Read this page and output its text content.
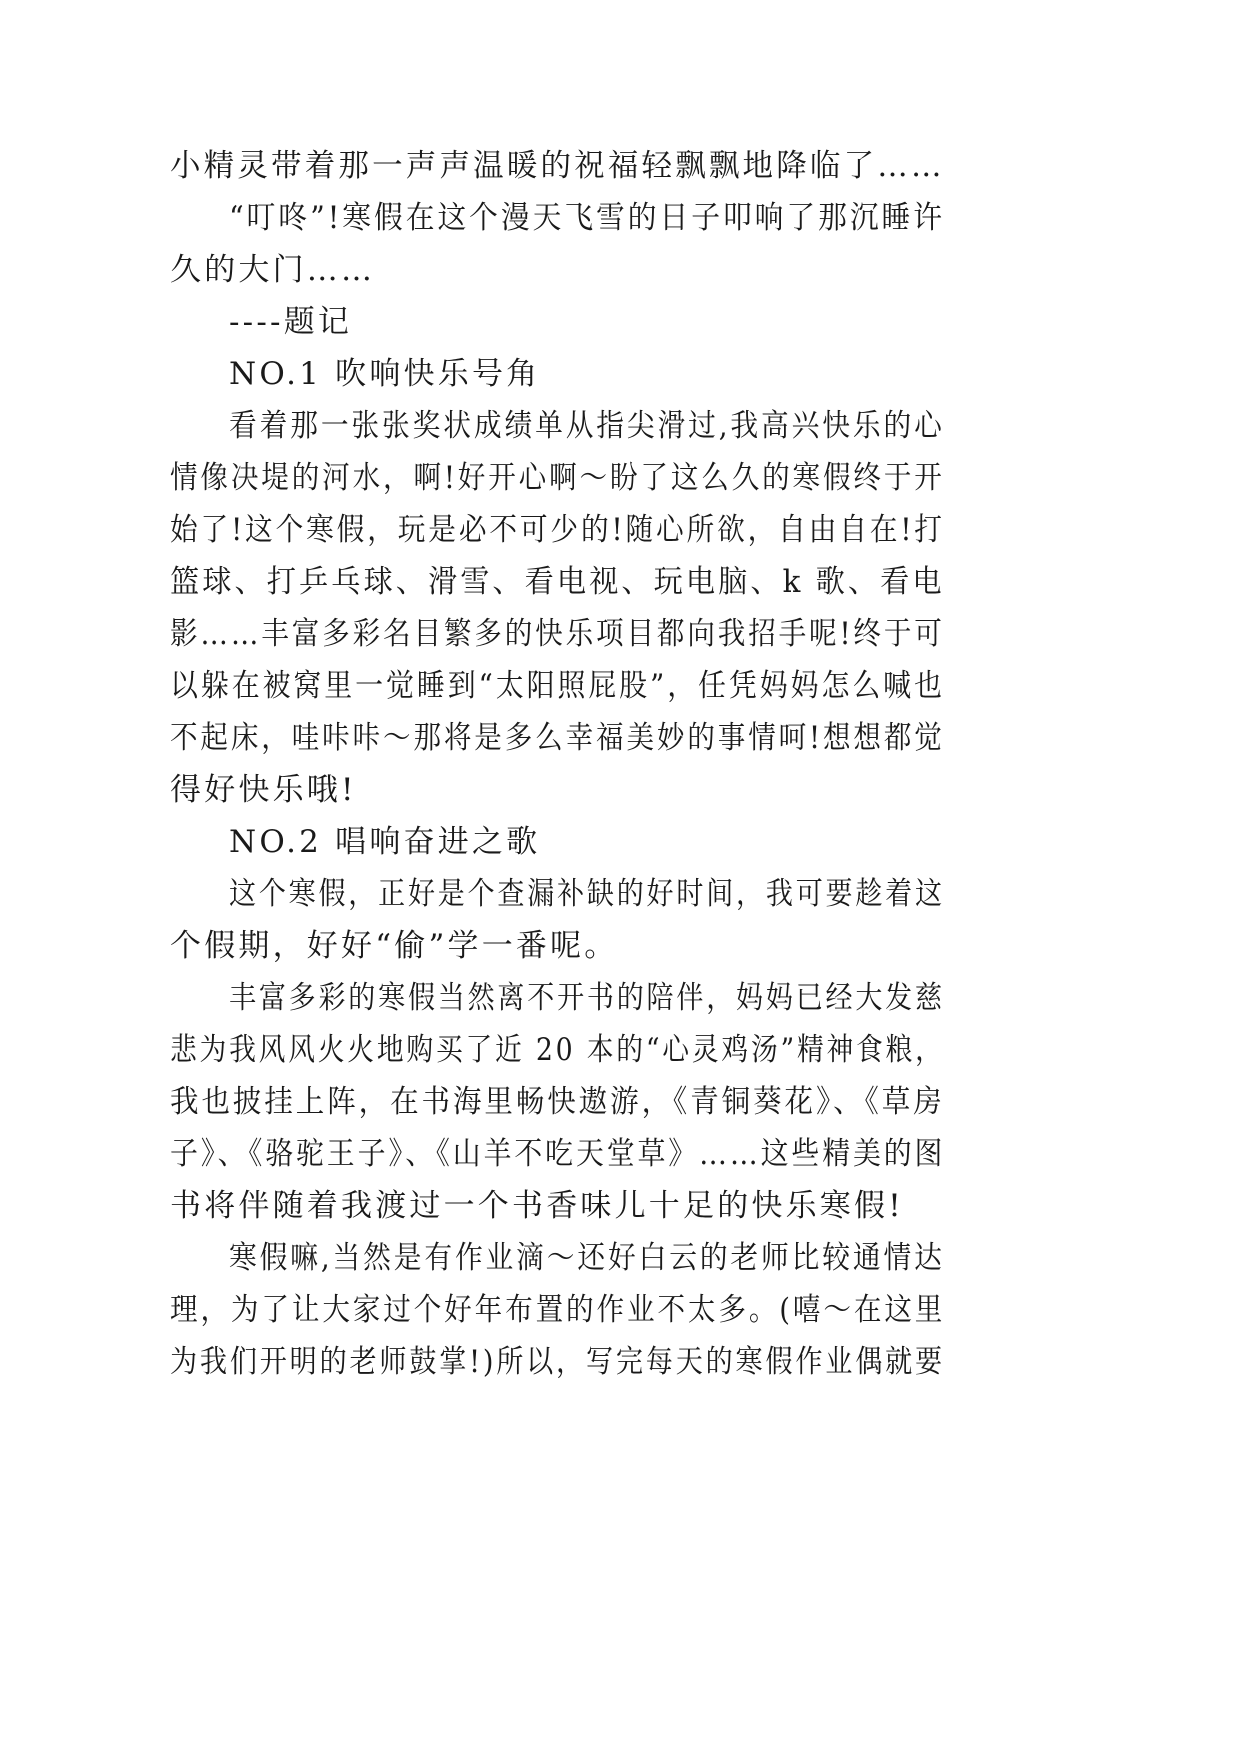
小精灵带着那一声声温暖的祝福轻飘飘地降临了……
“叮咚”!寒假在这个漫天飞雪的日子叩响了那沉睡许
久的大门……
----题记
NO.1 吹响快乐号角
看着那一张张奖状成绩单从指尖滑过,我高兴快乐的心
情像决堤的河水，啊!好开心啊～盼了这么久的寒假终于开
始了!这个寒假，玩是必不可少的!随心所欲，自由自在!打
篮球、打乒乓球、滑雪、看电视、玩电脑、k 歌、看电
影……丰富多彩名目繁多的快乐项目都向我招手呢!终于可
以躲在被窝里一觉睡到“太阳照屁股”，任凭妈妈怎么喊也
不起床，哇咔咔～那将是多么幸福美妙的事情呵!想想都觉
得好快乐哦!
NO.2 唱响奋进之歌
这个寒假，正好是个查漏补缺的好时间，我可要趁着这
个假期，好好“偷”学一番呢。
丰富多彩的寒假当然离不开书的陪伴，妈妈已经大发慈
悲为我风风火火地购买了近 20 本的“心灵鸡汤”精神食粮，
我也披挂上阵，在书海里畅快遨游，《青铜葵花》、《草房
子》、《骆驼王子》、《山羊不吃天堂草》……这些精美的图
书将伴随着我渡过一个书香味儿十足的快乐寒假!
寒假嘛,当然是有作业滴～还好白云的老师比较通情达
理，为了让大家过个好年布置的作业不太多。(嘻～在这里
为我们开明的老师鼓掌!)所以，写完每天的寒假作业偶就要
